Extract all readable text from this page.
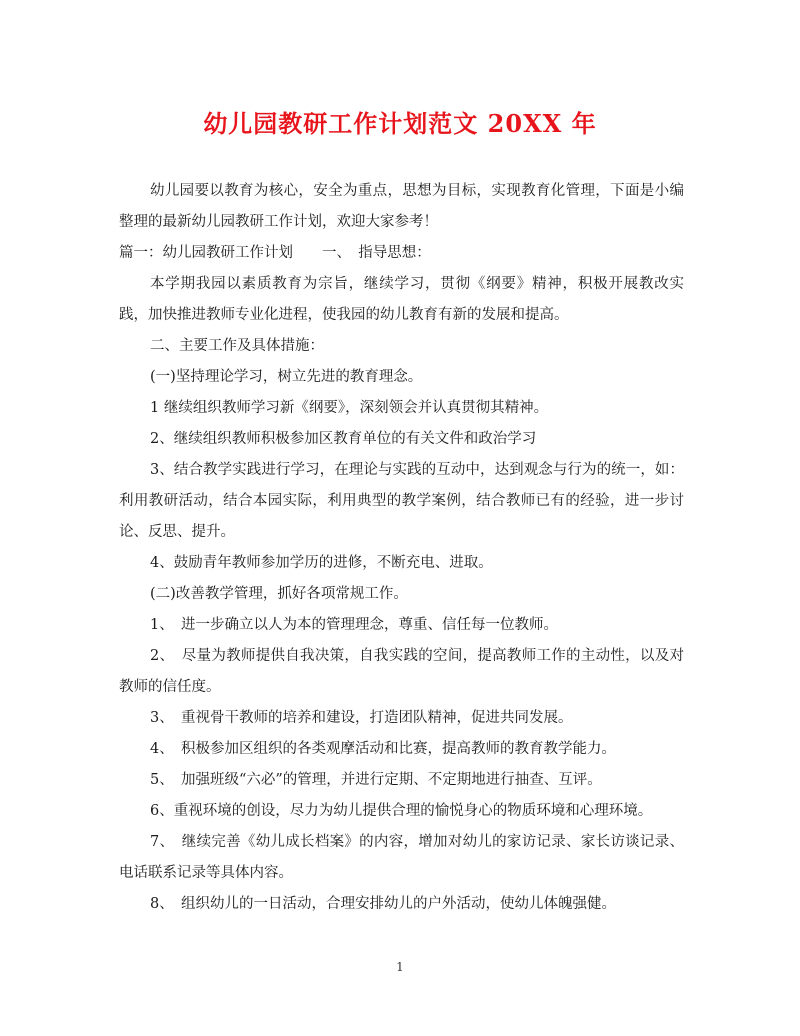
幼儿园教研工作计划范文 20XX 年

幼儿园要以教育为核心，安全为重点，思想为目标，实现教育化管理，下面是小编整理的最新幼儿园教研工作计划，欢迎大家参考！

篇一：幼儿园教研工作计划　　一、　指导思想：

本学期我园以素质教育为宗旨，继续学习，贯彻《纲要》精神，积极开展教改实践，加快推进教师专业化进程，使我园的幼儿教育有新的发展和提高。

二、主要工作及具体措施：

(一)坚持理论学习，树立先进的教育理念。

1 继续组织教师学习新《纲要》，深刻领会并认真贯彻其精神。

2、继续组织教师积极参加区教育单位的有关文件和政治学习

3、结合教学实践进行学习，在理论与实践的互动中，达到观念与行为的统一，如：利用教研活动，结合本园实际，利用典型的教学案例，结合教师已有的经验，进一步讨论、反思、提升。

4、鼓励青年教师参加学历的进修，不断充电、进取。

(二)改善教学管理，抓好各项常规工作。

1、　进一步确立以人为本的管理理念，尊重、信任每一位教师。

2、　尽量为教师提供自我决策，自我实践的空间，提高教师工作的主动性，以及对教师的信任度。

3、　重视骨干教师的培养和建设，打造团队精神，促进共同发展。

4、　积极参加区组织的各类观摩活动和比赛，提高教师的教育教学能力。

5、　加强班级“六必”的管理，并进行定期、不定期地进行抽查、互评。

6、重视环境的创设，尽力为幼儿提供合理的愉悦身心的物质环境和心理环境。

7、　继续完善《幼儿成长档案》的内容，增加对幼儿的家访记录、家长访谈记录、电话联系记录等具体内容。

8、　组织幼儿的一日活动，合理安排幼儿的户外活动，使幼儿体魄强健。

1
